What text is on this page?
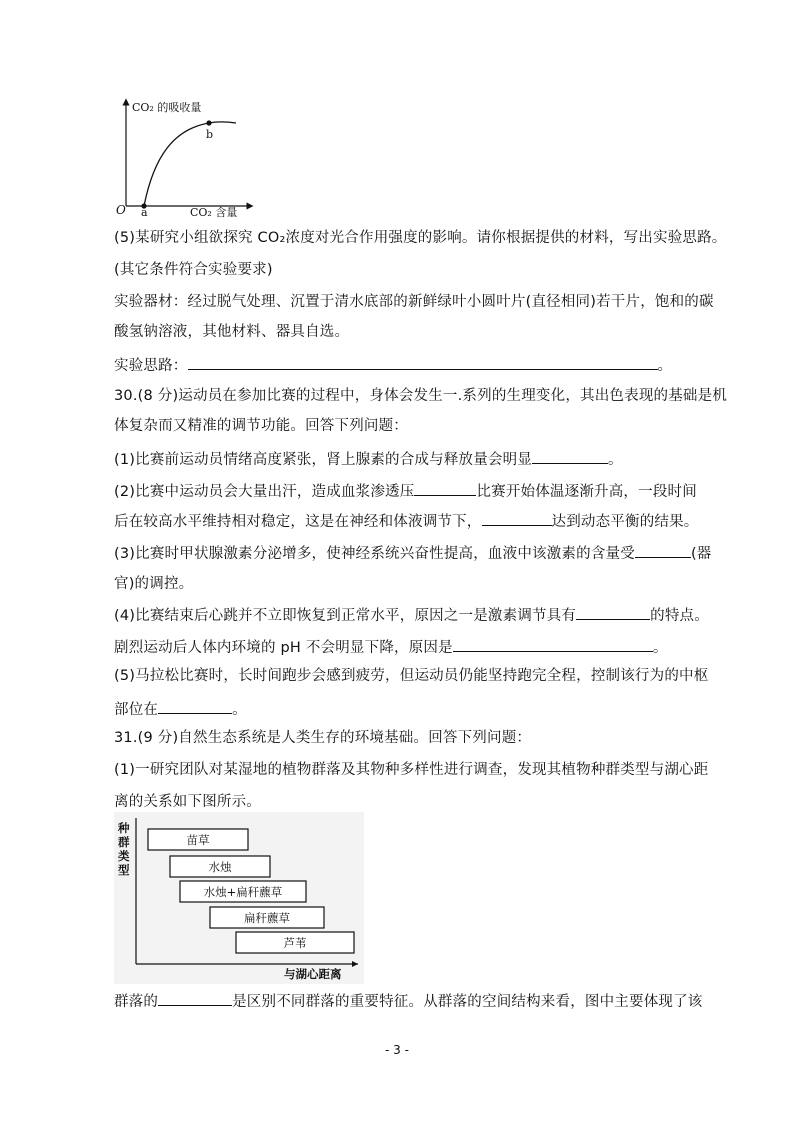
CO₂ 的吸收量
CO₂ 含量
O a
b
(5)某研究小组欲探究 CO₂浓度对光合作用强度的影响。请你根据提供的材料，写出实验思路。
(其它条件符合实验要求)
实验器材：经过脱气处理、沉置于清水底部的新鲜绿叶小圆叶片(直径相同)若干片，饱和的碳
酸氢钠溶液，其他材料、器具自选。
实验思路：	。
30.(8 分)运动员在参加比赛的过程中，身体会发生一.系列的生理变化，其出色表现的基础是机
体复杂而又精准的调节功能。回答下列问题：
(1)比赛前运动员情绪高度紧张，肾上腺素的合成与释放量会明显	。
(2)比赛中运动员会大量出汗，造成血浆渗透压	比赛开始体温逐渐升高，一段时间
后在较高水平维持相对稳定，这是在神经和体液调节下，	达到动态平衡的结果。
(3)比赛时甲状腺激素分泌增多，使神经系统兴奋性提高，血液中该激素的含量受	(器
官)的调控。
(4)比赛结束后心跳并不立即恢复到正常水平，原因之一是激素调节具有	的特点。
剧烈运动后人体内环境的 pH 不会明显下降，原因是	。
(5)马拉松比赛时，长时间跑步会感到疲劳，但运动员仍能坚持跑完全程，控制该行为的中枢
部位在	。
31.(9 分)自然生态系统是人类生存的环境基础。回答下列问题：
(1)一研究团队对某湿地的植物群落及其物种多样性进行调查，发现其植物种群类型与湖心距
离的关系如下图所示。
种
群
类
型
与湖心距离
苗草
水烛
水烛+扁秆藨草
扁秆藨草
芦苇
群落的	是区别不同群落的重要特征。从群落的空间结构来看，图中主要体现了该
- 3 -
